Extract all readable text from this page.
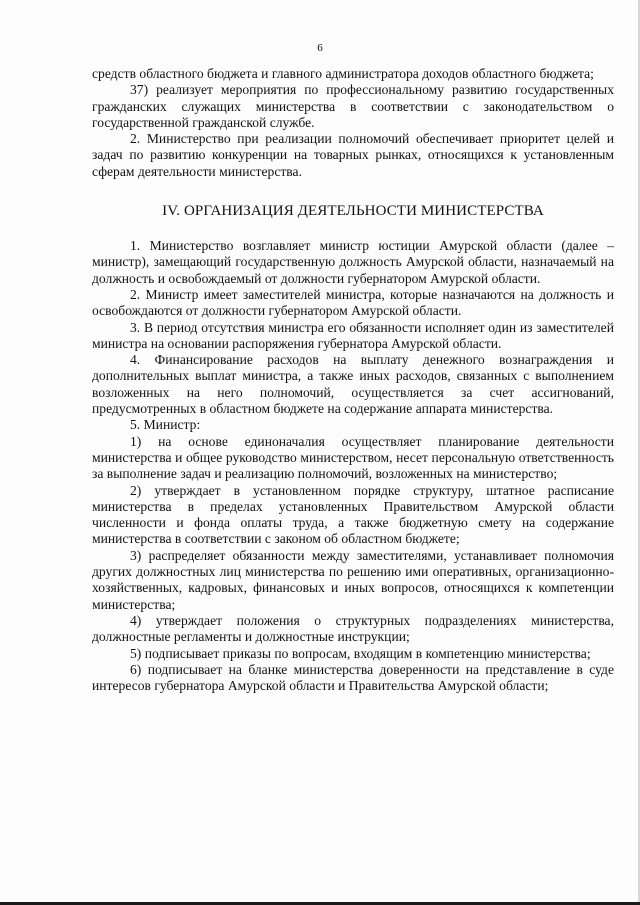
6

средств областного бюджета и главного администратора доходов областного бюджета;

37) реализует мероприятия по профессиональному развитию государственных гражданских служащих министерства в соответствии с законодательством о государственной гражданской службе.

2. Министерство при реализации полномочий обеспечивает приоритет целей и задач по развитию конкуренции на товарных рынках, относящихся к установленным сферам деятельности министерства.

IV. ОРГАНИЗАЦИЯ ДЕЯТЕЛЬНОСТИ МИНИСТЕРСТВА

1. Министерство возглавляет министр юстиции Амурской области (далее – министр), замещающий государственную должность Амурской области, назначаемый на должность и освобождаемый от должности губернатором Амурской области.

2. Министр имеет заместителей министра, которые назначаются на должность и освобождаются от должности губернатором Амурской области.

3. В период отсутствия министра его обязанности исполняет один из заместителей министра на основании распоряжения губернатора Амурской области.

4. Финансирование расходов на выплату денежного вознаграждения и дополнительных выплат министра, а также иных расходов, связанных с выполнением возложенных на него полномочий, осуществляется за счет ассигнований, предусмотренных в областном бюджете на содержание аппарата министерства.

5. Министр:

1) на основе единоначалия осуществляет планирование деятельности министерства и общее руководство министерством, несет персональную ответственность за выполнение задач и реализацию полномочий, возложенных на министерство;

2) утверждает в установленном порядке структуру, штатное расписание министерства в пределах установленных Правительством Амурской области численности и фонда оплаты труда, а также бюджетную смету на содержание министерства в соответствии с законом об областном бюджете;

3) распределяет обязанности между заместителями, устанавливает полномочия других должностных лиц министерства по решению ими оперативных, организационно-хозяйственных, кадровых, финансовых и иных вопросов, относящихся к компетенции министерства;

4) утверждает положения о структурных подразделениях министерства, должностные регламенты и должностные инструкции;

5) подписывает приказы по вопросам, входящим в компетенцию министерства;

6) подписывает на бланке министерства доверенности на представление в суде интересов губернатора Амурской области и Правительства Амурской области;
